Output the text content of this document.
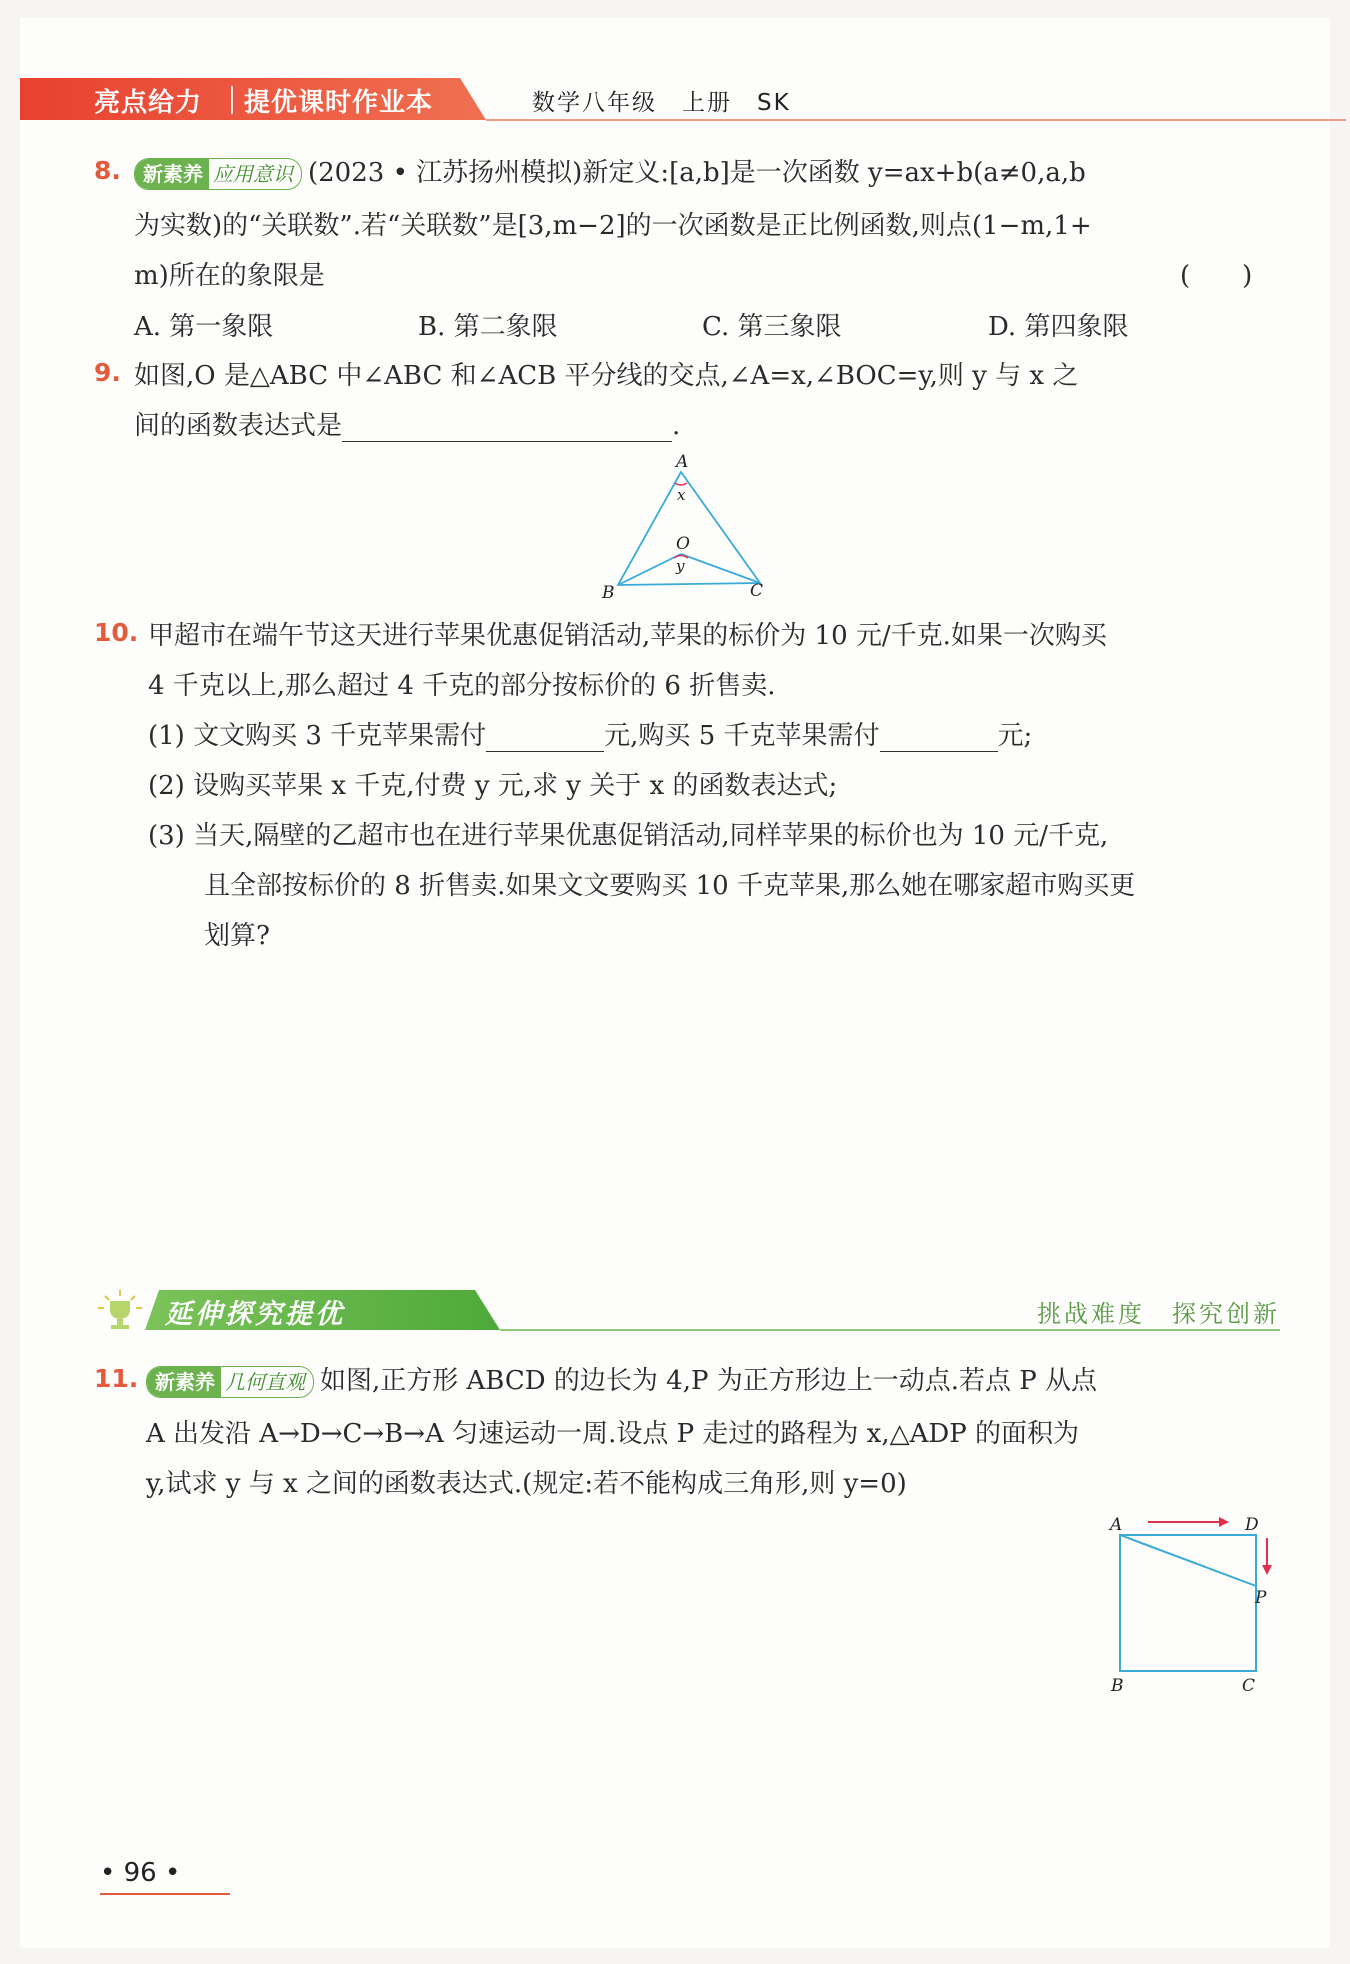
亮点给力 提优课时作业本	数学八年级　上册　SK
8.	新素养 应用意识 (2023 • 江苏扬州模拟)新定义:[a,b]是一次函数 y=ax+b(a≠0,a,b
为实数)的“关联数”.若“关联数”是[3,m−2]的一次函数是正比例函数,则点(1−m,1+
m)所在的象限是	(　　)
A. 第一象限	B. 第二象限	C. 第三象限	D. 第四象限
9. 如图,O 是△ABC 中∠ABC 和∠ACB 平分线的交点,∠A=x,∠BOC=y,则 y 与 x 之
间的函数表达式是	.
A
x
O
y
B	C
10. 甲超市在端午节这天进行苹果优惠促销活动,苹果的标价为 10 元/千克.如果一次购买
4 千克以上,那么超过 4 千克的部分按标价的 6 折售卖.
(1) 文文购买 3 千克苹果需付	元,购买 5 千克苹果需付	元;
(2) 设购买苹果 x 千克,付费 y 元,求 y 关于 x 的函数表达式;
(3) 当天,隔壁的乙超市也在进行苹果优惠促销活动,同样苹果的标价也为 10 元/千克,
且全部按标价的 8 折售卖.如果文文要购买 10 千克苹果,那么她在哪家超市购买更
划算?
延伸探究提优	挑战难度　探究创新
11. 新素养 几何直观 如图,正方形 ABCD 的边长为 4,P 为正方形边上一动点.若点 P 从点
A 出发沿 A→D→C→B→A 匀速运动一周.设点 P 走过的路程为 x,△ADP 的面积为
y,试求 y 与 x 之间的函数表达式.(规定:若不能构成三角形,则 y=0)
A	D
P
B	C
• 96 •
